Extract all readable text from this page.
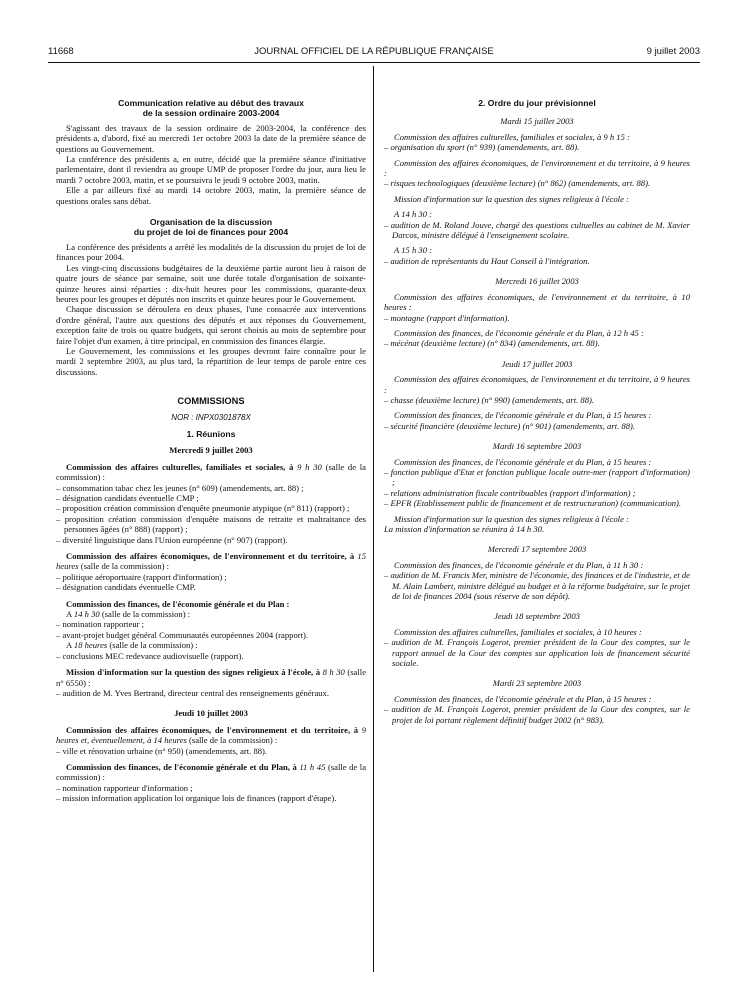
11668	JOURNAL OFFICIEL DE LA RÉPUBLIQUE FRANÇAISE	9 juillet 2003
Communication relative au début des travaux
de la session ordinaire 2003-2004

S'agissant des travaux de la session ordinaire de 2003-2004, la conférence des présidents a, d'abord, fixé au mercredi 1er octobre 2003 la date de la première séance de questions au Gouvernement.

La conférence des présidents a, en outre, décidé que la première séance d'initiative parlementaire, dont il reviendra au groupe UMP de proposer l'ordre du jour, aura lieu le mardi 7 octobre 2003, matin, et se poursuivra le jeudi 9 octobre 2003, matin.

Elle a par ailleurs fixé au mardi 14 octobre 2003, matin, la première séance de questions orales sans débat.

Organisation de la discussion
du projet de loi de finances pour 2004

La conférence des présidents a arrêté les modalités de la discussion du projet de loi de finances pour 2004.

Les vingt-cinq discussions budgétaires de la deuxième partie auront lieu à raison de quatre jours de séance par semaine, soit une durée totale d'organisation de soixante-quinze heures ainsi réparties : dix-huit heures pour les commissions, quarante-deux heures pour les groupes et députés non inscrits et quinze heures pour le Gouvernement.

Chaque discussion se déroulera en deux phases, l'une consacrée aux interventions d'ordre général, l'autre aux questions des députés et aux réponses du Gouvernement, exception faite de trois ou quatre budgets, qui seront choisis au mois de septembre pour faire l'objet d'un examen, à titre principal, en commission des finances élargie.

Le Gouvernement, les commissions et les groupes devront faire connaître pour le mardi 2 septembre 2003, au plus tard, la répartition de leur temps de parole entre ces discussions.

COMMISSIONS
NOR : INPX0301878X
1. Réunions
Mercredi 9 juillet 2003

Commission des affaires culturelles, familiales et sociales, à 9 h 30 (salle de la commission) :

– consommation tabac chez les jeunes (n° 609) (amendements, art. 88) ;

– désignation candidats éventuelle CMP ;

– proposition création commission d'enquête pneumonie atypique (n° 811) (rapport) ;

– proposition création commission d'enquête maisons de retraite et maltraitance des personnes âgées (n° 888) (rapport) ;

– diversité linguistique dans l'Union européenne (n° 907) (rapport).

Commission des affaires économiques, de l'environnement et du territoire, à 15 heures (salle de la commission) :

– politique aéroportuaire (rapport d'information) ;

– désignation candidats éventuelle CMP.

Commission des finances, de l'économie générale et du Plan :

A 14 h 30 (salle de la commission) :

– nomination rapporteur ;

– avant-projet budget général Communautés européennes 2004 (rapport).

A 18 heures (salle de la commission) :

– conclusions MEC redevance audiovisuelle (rapport).

Mission d'information sur la question des signes religieux à l'école, à 8 h 30 (salle n° 6550) :

– audition de M. Yves Bertrand, directeur central des renseignements généraux.

Jeudi 10 juillet 2003

Commission des affaires économiques, de l'environnement et du territoire, à 9 heures et, éventuellement, à 14 heures (salle de la commission) :

– ville et rénovation urbaine (n° 950) (amendements, art. 88).

Commission des finances, de l'économie générale et du Plan, à 11 h 45 (salle de la commission) :

– nomination rapporteur d'information ;

– mission information application loi organique lois de finances (rapport d'étape).

2. Ordre du jour prévisionnel
Mardi 15 juillet 2003

Commission des affaires culturelles, familiales et sociales, à 9 h 15 :

– organisation du sport (n° 939) (amendements, art. 88).

Commission des affaires économiques, de l'environnement et du territoire, à 9 heures :

– risques technologiques (deuxième lecture) (n° 862) (amendements, art. 88).

Mission d'information sur la question des signes religieux à l'école :

A 14 h 30 :

– audition de M. Roland Jouve, chargé des questions cultuelles au cabinet de M. Xavier Darcos, ministre délégué à l'enseignement scolaire.

A 15 h 30 :

– audition de représentants du Haut Conseil à l'intégration.

Mercredi 16 juillet 2003

Commission des affaires économiques, de l'environnement et du territoire, à 10 heures :

– montagne (rapport d'information).

Commission des finances, de l'économie générale et du Plan, à 12 h 45 :

– mécénat (deuxième lecture) (n° 834) (amendements, art. 88).

Jeudi 17 juillet 2003

Commission des affaires économiques, de l'environnement et du territoire, à 9 heures :

– chasse (deuxième lecture) (n° 990) (amendements, art. 88).

Commission des finances, de l'économie générale et du Plan, à 15 heures :

– sécurité financière (deuxième lecture) (n° 901) (amendements, art. 88).

Mardi 16 septembre 2003

Commission des finances, de l'économie générale et du Plan, à 15 heures :

– fonction publique d'Etat et fonction publique locale outre-mer (rapport d'information) ;

– relations administration fiscale contribuables (rapport d'information) ;

– EPFR (Etablissement public de financement et de restructuration) (communication).

Mission d'information sur la question des signes religieux à l'école :

La mission d'information se réunira à 14 h 30.

Mercredi 17 septembre 2003

Commission des finances, de l'économie générale et du Plan, à 11 h 30 :

– audition de M. Francis Mer, ministre de l'économie, des finances et de l'industrie, et de M. Alain Lambert, ministre délégué au budget et à la réforme budgétaire, sur le projet de loi de finances 2004 (sous réserve de son dépôt).

Jeudi 18 septembre 2003

Commission des affaires culturelles, familiales et sociales, à 10 heures :

– audition de M. François Logerot, premier président de la Cour des comptes, sur le rapport annuel de la Cour des comptes sur application lois de financement sécurité sociale.

Mardi 23 septembre 2003

Commission des finances, de l'économie générale et du Plan, à 15 heures :

– audition de M. François Logerot, premier président de la Cour des comptes, sur le projet de loi portant règlement définitif budget 2002 (n° 983).
